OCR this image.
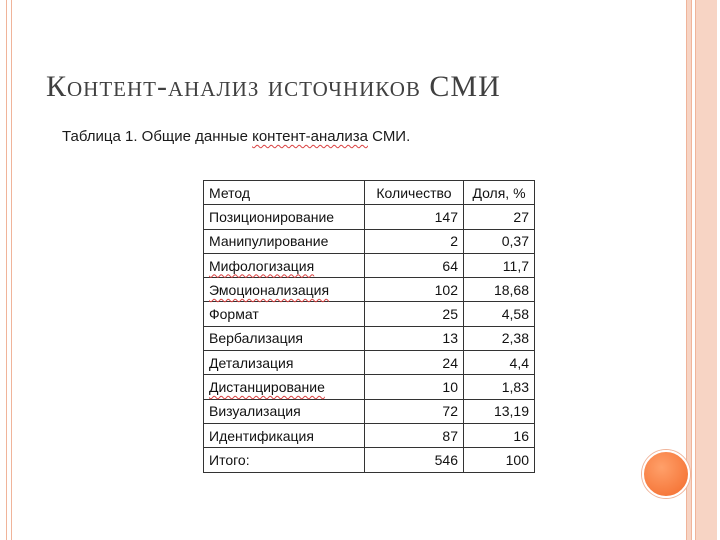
Контент-анализ источников СМИ
Таблица 1. Общие данные контент-анализа СМИ.
Метод	Количество	Доля, %
Позиционирование	147	27
Манипулирование	2	0,37
Мифологизация	64	11,7
Эмоционализация	102	18,68
Формат	25	4,58
Вербализация	13	2,38
Детализация	24	4,4
Дистанцирование	10	1,83
Визуализация	72	13,19
Идентификация	87	16
Итого:	546	100
